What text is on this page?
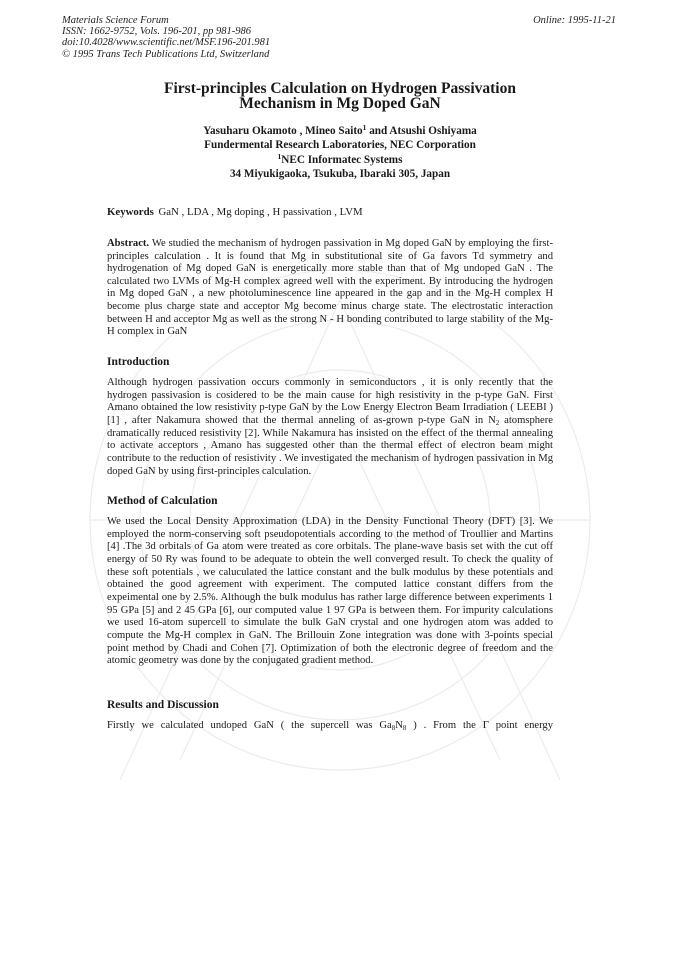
Materials Science Forum
ISSN: 1662-9752, Vols. 196-201, pp 981-986
doi:10.4028/www.scientific.net/MSF.196-201.981
© 1995 Trans Tech Publications Ltd, Switzerland
Online: 1995-11-21
First-principles Calculation on Hydrogen Passivation
Mechanism in Mg Doped GaN
Yasuharu Okamoto , Mineo Saito$^1$ and Atsushi Oshiyama
Fundermental Research Laboratories, NEC Corporation
$^1$NEC Informatec Systems
34 Miyukigaoka, Tsukuba, Ibaraki 305, Japan
Keywords GaN , LDA , Mg doping , H passivation , LVM
Abstract. We studied the mechanism of hydrogen passivation in Mg doped GaN by employing the first-principles calculation . It is found that Mg in substitutional site of Ga favors Td symmetry and hydrogenation of Mg doped GaN is energetically more stable than that of Mg undoped GaN . The calculated two LVMs of Mg-H complex agreed well with the experiment. By introducing the hydrogen in Mg doped GaN , a new photoluminescence line appeared in the gap and in the Mg-H complex H become plus charge state and acceptor Mg become minus charge state. The electrostatic interaction between H and acceptor Mg as well as the strong N - H bonding contributed to large stability of the Mg-H complex in GaN
Introduction
Although hydrogen passivation occurs commonly in semiconductors , it is only recently that the hydrogen passivasion is cosidered to be the main cause for high resistivity in the p-type GaN. First Amano obtained the low resistivity p-type GaN by the Low Energy Electron Beam Irradiation ( LEEBI ) [1] , after Nakamura showed that the thermal anneling of as-grown p-type GaN in $N_2$ atomsphere dramatically reduced resistivity [2]. While Nakamura has insisted on the effect of the thermal annealing to activate acceptors , Amano has suggested other than the thermal effect of electron beam might contribute to the reduction of resistivity . We investigated the mechanism of hydrogen passivation in Mg doped GaN by using first-principles calculation.
Method of Calculation
We used the Local Density Approximation (LDA) in the Density Functional Theory (DFT) [3]. We employed the norm-conserving soft pseudopotentials according to the method of Troullier and Martins [4] .The 3d orbitals of Ga atom were treated as core orbitals. The plane-wave basis set with the cut off energy of 50 Ry was found to be adequate to obtein the well converged result. To check the quality of these soft potentials , we caluculated the lattice constant and the bulk modulus by these potentials and obtained the good agreement with experiment. The computed lattice constant differs from the expeimental one by 2.5%. Although the bulk modulus has rather large difference between experiments 1 95 GPa [5] and 2 45 GPa [6], our computed value 1 97 GPa is between them. For impurity calculations we used 16-atom supercell to simulate the bulk GaN crystal and one hydrogen atom was added to compute the Mg-H complex in GaN. The Brillouin Zone integration was done with 3-points special point method by Chadi and Cohen [7]. Optimization of both the electronic degree of freedom and the atomic geometry was done by the conjugated gradient method.
Results and Discussion
Firstly we calculated undoped GaN ( the supercell was $Ga_8N_8$ ) . From the Γ point energy
